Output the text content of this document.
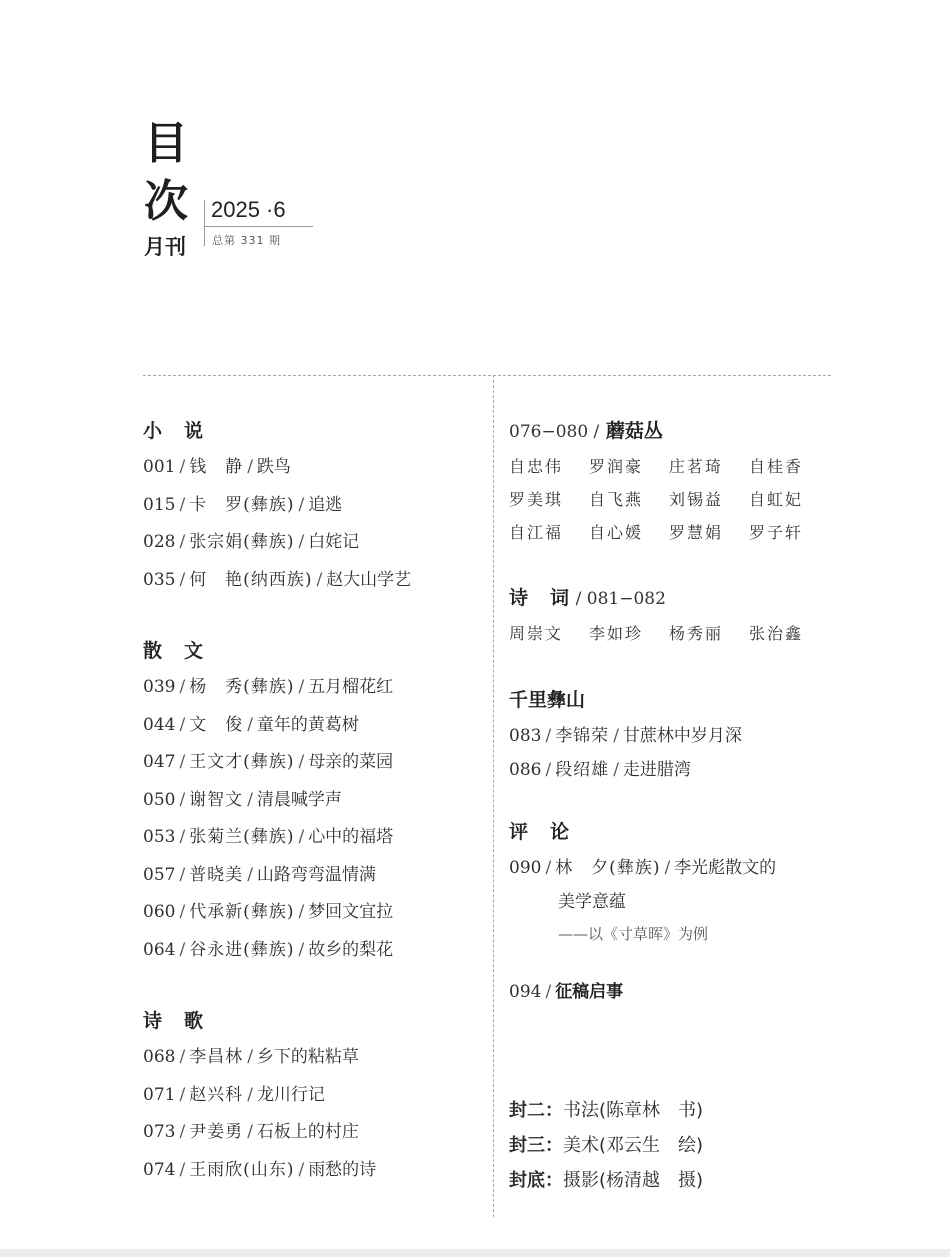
目
次
月刊
2025 ·6
总第 331 期
小 说
001 / 钱　静 / 跌鸟
015 / 卡　罗(彝族) / 追逃
028 / 张宗娟(彝族) / 白姹记
035 / 何　艳(纳西族) / 赵大山学艺
散 文
039 / 杨　秀(彝族) / 五月榴花红
044 / 文　俊 / 童年的黄葛树
047 / 王文才(彝族) / 母亲的菜园
050 / 谢智文 / 清晨喊学声
053 / 张菊兰(彝族) / 心中的福塔
057 / 普晓美 / 山路弯弯温情满
060 / 代承新(彝族) / 梦回文宜拉
064 / 谷永进(彝族) / 故乡的梨花
诗 歌
068 / 李昌林 / 乡下的粘粘草
071 / 赵兴科 / 龙川行记
073 / 尹姜勇 / 石板上的村庄
074 / 王雨欣(山东) / 雨愁的诗
076−080 / 蘑菇丛
自忠伟 罗润豪 庄茗琦 自桂香
罗美琪 自飞燕 刘锡益 自虹妃
自江福 自心媛 罗慧娟 罗子轩
诗 词 / 081−082
周崇文 李如珍 杨秀丽 张治鑫
千里彝山
083 / 李锦荣 / 甘蔗林中岁月深
086 / 段绍雄 / 走进腊湾
评 论
090 / 林　夕(彝族) / 李光彪散文的
美学意蕴
——以《寸草晖》为例
094 / 征稿启事
封二：书法(陈章林　书)
封三：美术(邓云生　绘)
封底：摄影(杨清越　摄)
